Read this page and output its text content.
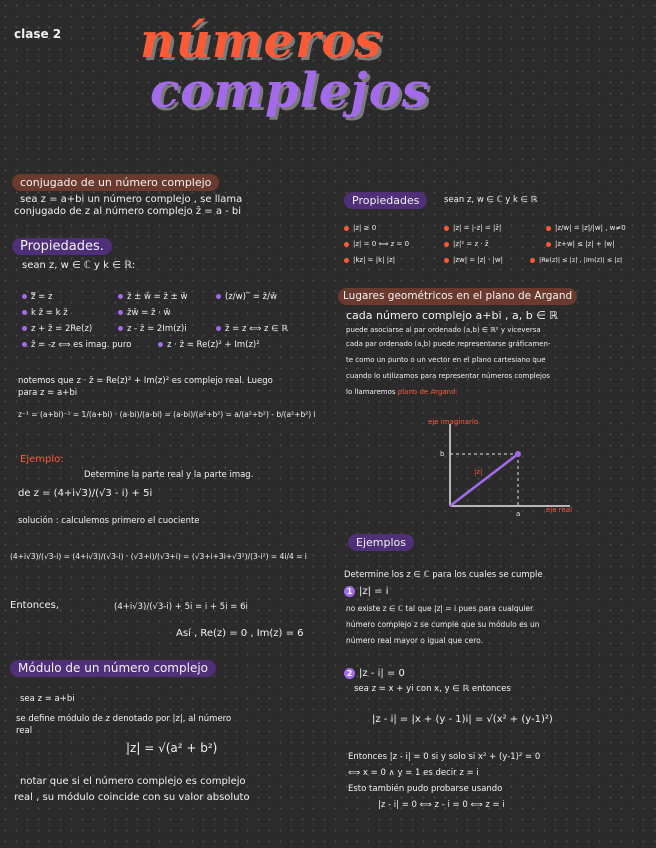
clase 2 números
complejos
conjugado de un número complejo
sea z = a+bi un número complejo , se llama
conjugado de z al número complejo z̄ = a - bi
Propiedades.
sean z, w ∈ ℂ y k ∈ ℝ:
z̿ = z	z̄ ± w̄ = z̄ ± w̄	(z/w)‾ = z̄/w̄
k z̄ = k z̄	z̄w̄ = z̄ · w̄
z + z̄ = 2Re(z)	z - z̄ = 2Im(z)i	z̄ = z ⟺ z ∈ ℝ
z̄ = -z ⟺ es imag. puro	z · z̄ = Re(z)² + Im(z)²
notemos que z · z̄ = Re(z)² + Im(z)² es complejo real. Luego
para z = a+bi
z⁻¹ = (a+bi)⁻¹ = 1/(a+bi) · (a-bi)/(a-bi) = (a-bi)/(a²+b²) = a/(a²+b²) - b/(a²+b²) i
Ejemplo:
Determine la parte real y la parte imag.
de z = (4+i√3)/(√3 - i) + 5i
solución : calculemos primero el cuociente
(4+i√3)/(√3-i) = (4+i√3)/(√3-i) · (√3+i)/(√3+i) = (√3+i+3i+√3²)/(3-i²) = 4i/4 = i
Entonces,	(4+i√3)/(√3-i) + 5i = i + 5i = 6i
Así , Re(z) = 0 , Im(z) = 6
Módulo de un número complejo
sea z = a+bi
se define módulo de z denotado por |z|, al número
real
|z| = √(a² + b²)
notar que si el número complejo es complejo
real , su módulo coincide con su valor absoluto
Propiedades	sean z, w ∈ ℂ y k ∈ ℝ
|z| ≥ 0	|z| = |-z| = |z̄|	|z/w| = |z|/|w| , w≠0
|z| = 0 ⟺ z = 0	|z|² = z · z̄	|z+w| ≤ |z| + |w|
|kz| = |k| |z|	|zw| = |z| · |w|	|Re(z)| ≤ |z| , |Im(z)| ≤ |z|
Lugares geométricos en el plano de Argand
cada número complejo a+bi , a, b ∈ ℝ
puede asociarse al par ordenado (a,b) ∈ ℝ² y viceversa
cada par ordenado (a,b) puede representarse gráficamen-
te como un punto o un vector en el plano cartesiano que
cuando lo utilizamos para representar números complejos
lo llamaremos plano de Argand.
eje imaginario
b
a
|z|
eje real
Ejemplos
Determine los z ∈ ℂ para los cuales se cumple
1 |z| = i
no existe z ∈ ℂ tal que |z| = i pues para cualquier
número complejo z se cumple que su módulo es un
número real mayor o igual que cero.
2 |z - i| = 0
sea z = x + yi con x, y ∈ ℝ entonces
|z - i| = |x + (y - 1)i| = √(x² + (y-1)²)
Entonces |z - i| = 0 si y solo si x² + (y-1)² = 0
⟺ x = 0 ∧ y = 1 es decir z = i
Esto también pudo probarse usando
|z - i| = 0 ⟺ z - i = 0 ⟺ z = i
